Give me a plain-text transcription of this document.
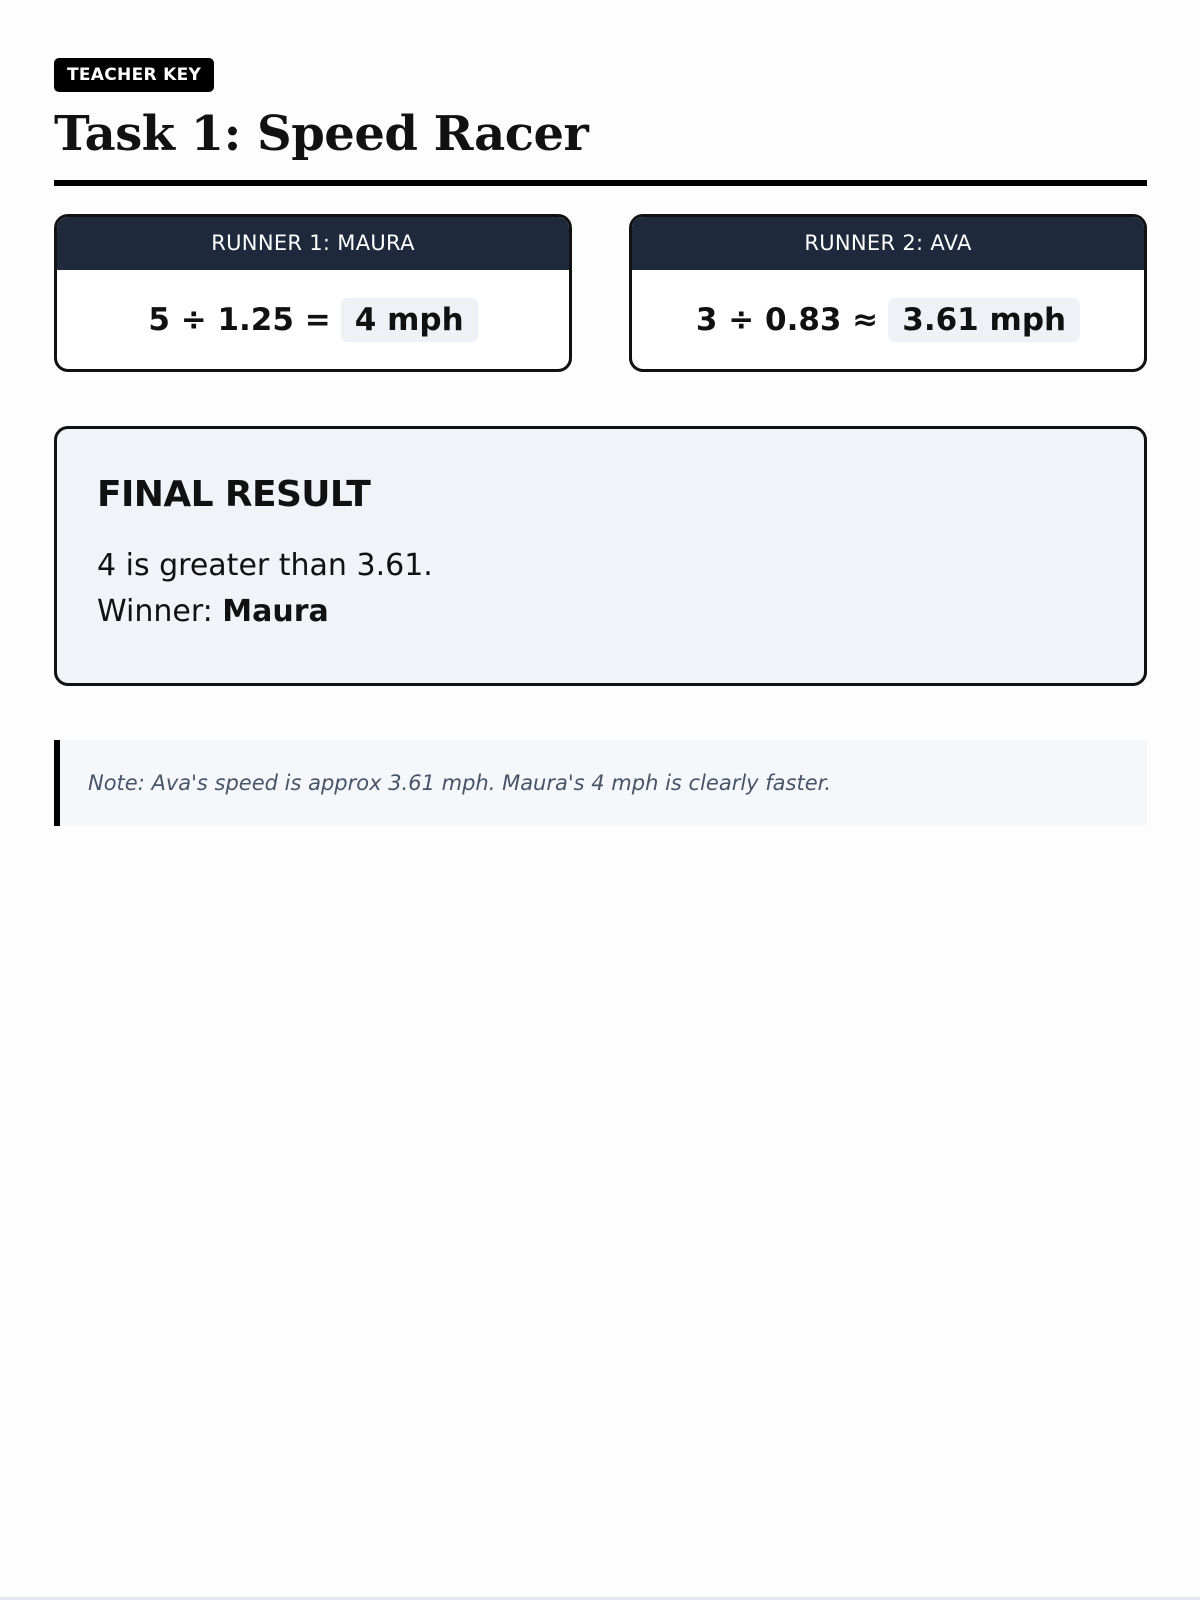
TEACHER KEY
Task 1: Speed Racer
RUNNER 1: MAURA
5 ÷ 1.25 = 4 mph
RUNNER 2: AVA
3 ÷ 0.83 ≈ 3.61 mph
FINAL RESULT
4 is greater than 3.61.
Winner: Maura
Note: Ava's speed is approx 3.61 mph. Maura's 4 mph is clearly faster.
